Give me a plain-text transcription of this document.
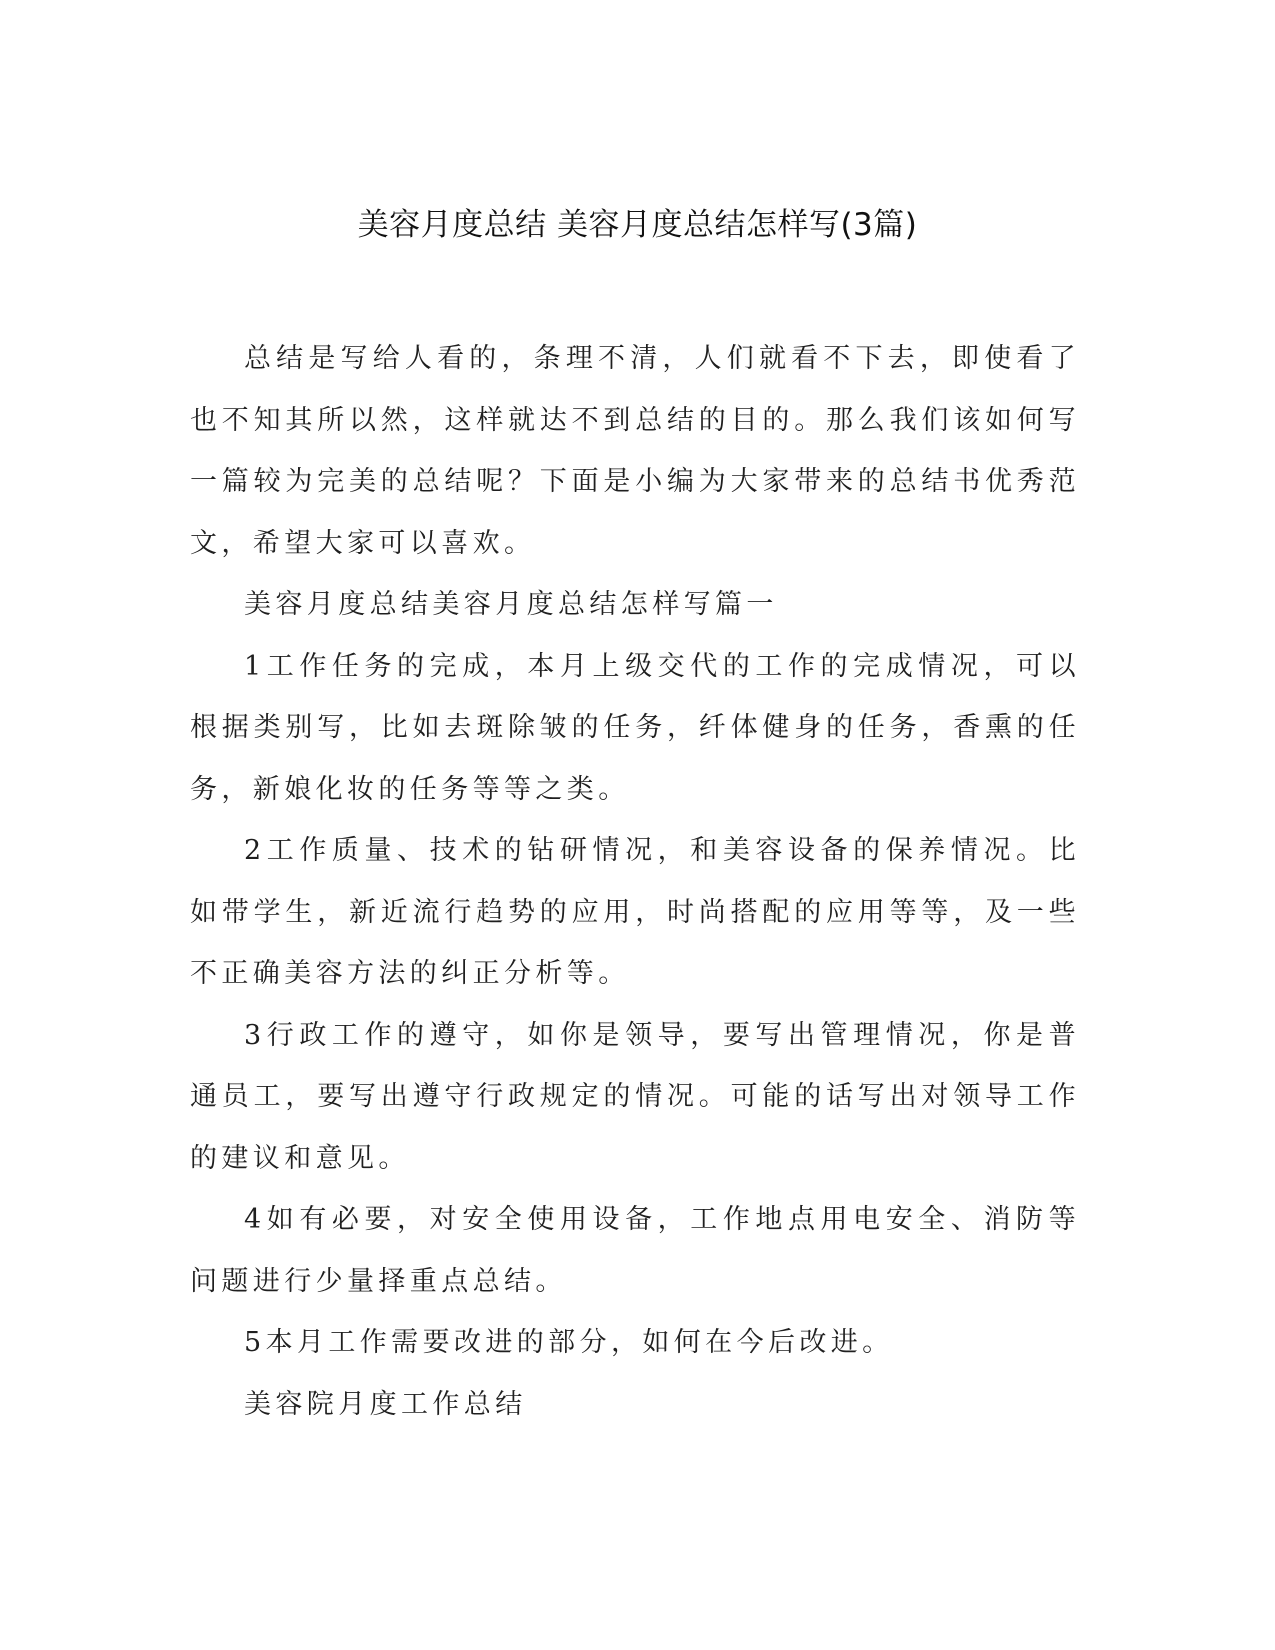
美容月度总结 美容月度总结怎样写(3篇)

总结是写给人看的，条理不清，人们就看不下去，即使看了也不知其所以然，这样就达不到总结的目的。那么我们该如何写一篇较为完美的总结呢？下面是小编为大家带来的总结书优秀范文，希望大家可以喜欢。

美容月度总结美容月度总结怎样写篇一

1工作任务的完成，本月上级交代的工作的完成情况，可以根据类别写，比如去斑除皱的任务，纤体健身的任务，香熏的任务，新娘化妆的任务等等之类。

2工作质量、技术的钻研情况，和美容设备的保养情况。比如带学生，新近流行趋势的应用，时尚搭配的应用等等，及一些不正确美容方法的纠正分析等。

3行政工作的遵守，如你是领导，要写出管理情况，你是普通员工，要写出遵守行政规定的情况。可能的话写出对领导工作的建议和意见。

4如有必要，对安全使用设备，工作地点用电安全、消防等问题进行少量择重点总结。

5本月工作需要改进的部分，如何在今后改进。

美容院月度工作总结
